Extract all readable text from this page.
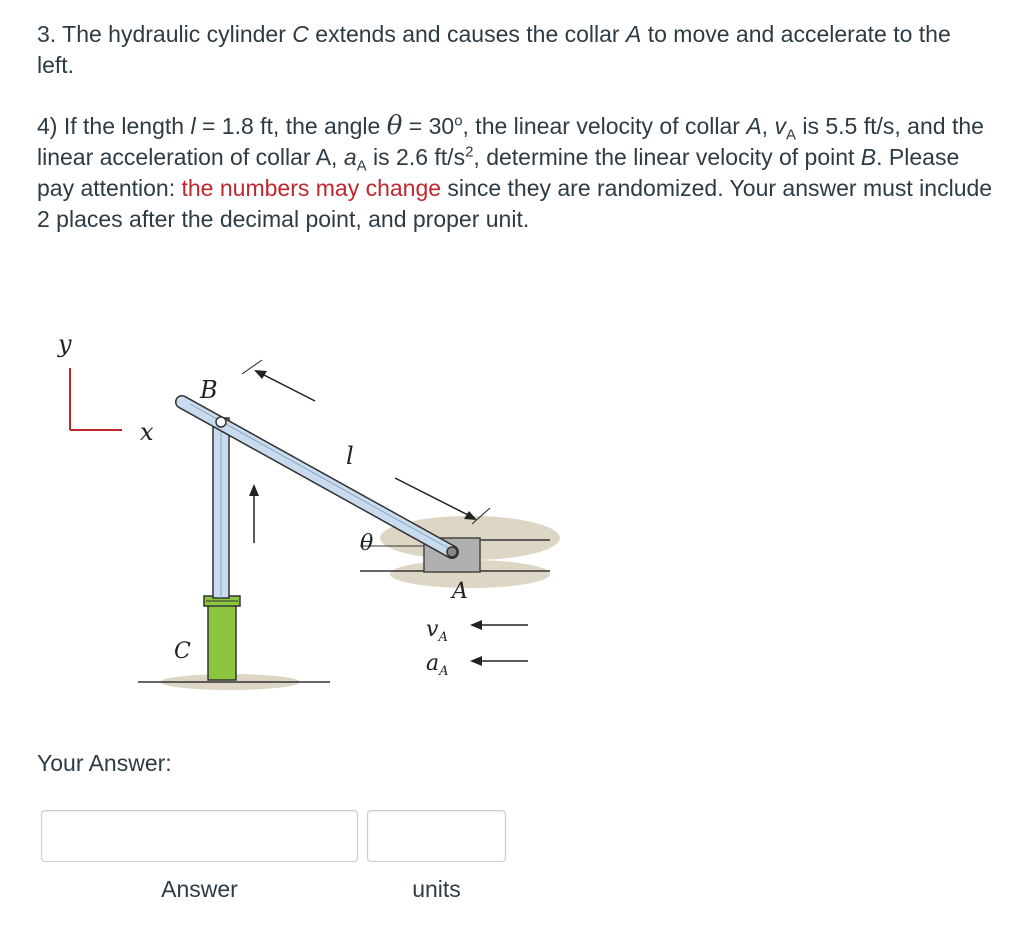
3. The hydraulic cylinder C extends and causes the collar A to move and accelerate to the left.

4) If the length l = 1.8 ft, the angle $\theta = 30^o$, the linear velocity of collar A, $v_A$ is 5.5 ft/s, and the linear acceleration of collar A, $a_A$ is 2.6 $ft/s^2$, determine the linear velocity of point B. Please pay attention: the numbers may change since they are randomized. Your answer must include 2 places after the decimal point, and proper unit.

y
x
l
B
θ
A
C
$v_A$
$a_A$
Your Answer:
Answer	units
